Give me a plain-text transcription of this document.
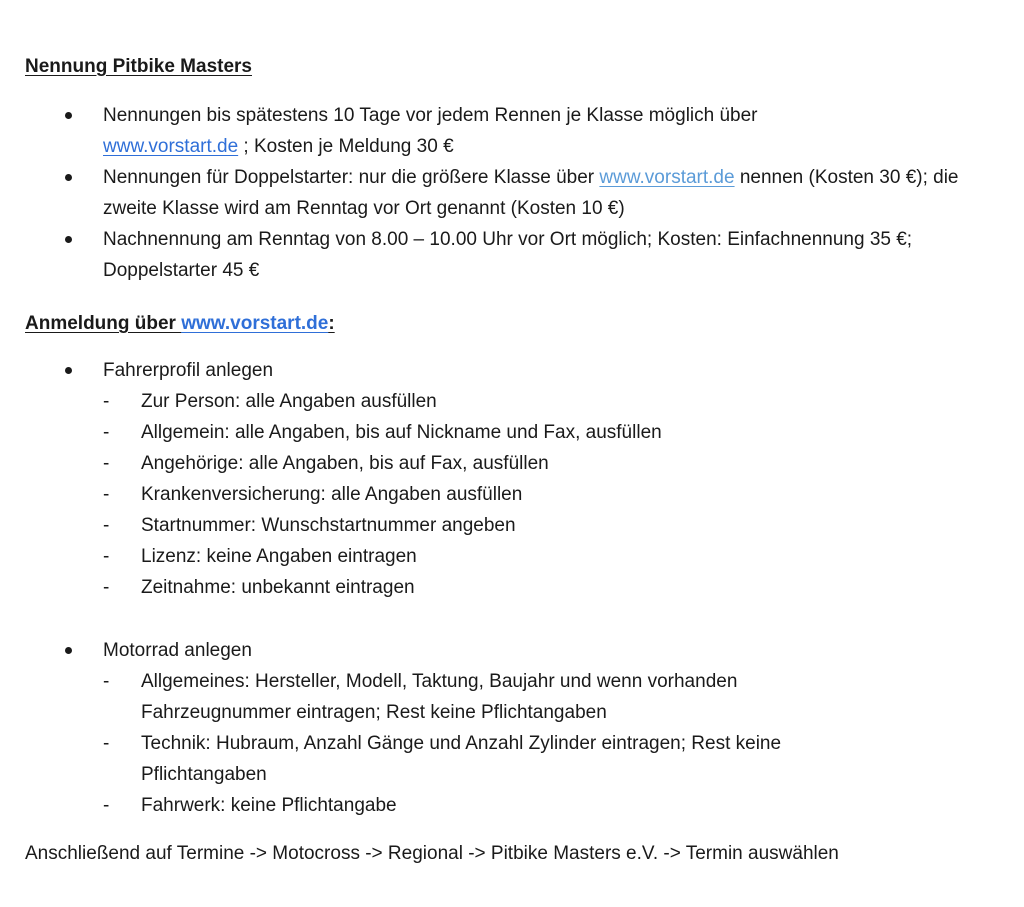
Nennung Pitbike Masters
Nennungen bis spätestens 10 Tage vor jedem Rennen je Klasse möglich über
www.vorstart.de ; Kosten je Meldung 30 €
Nennungen für Doppelstarter: nur die größere Klasse über www.vorstart.de nennen (Kosten 30 €); die zweite Klasse wird am Renntag vor Ort genannt (Kosten 10 €)
Nachnennung am Renntag von 8.00 – 10.00 Uhr vor Ort möglich; Kosten: Einfachnennung 35 €; Doppelstarter 45 €
Anmeldung über www.vorstart.de:
Fahrerprofil anlegen
- Zur Person: alle Angaben ausfüllen
- Allgemein: alle Angaben, bis auf Nickname und Fax, ausfüllen
- Angehörige: alle Angaben, bis auf Fax, ausfüllen
- Krankenversicherung: alle Angaben ausfüllen
- Startnummer: Wunschstartnummer angeben
- Lizenz: keine Angaben eintragen
- Zeitnahme: unbekannt eintragen
Motorrad anlegen
- Allgemeines: Hersteller, Modell, Taktung, Baujahr und wenn vorhanden Fahrzeugnummer eintragen; Rest keine Pflichtangaben
- Technik: Hubraum, Anzahl Gänge und Anzahl Zylinder eintragen; Rest keine Pflichtangaben
- Fahrwerk: keine Pflichtangabe
Anschließend auf Termine -> Motocross -> Regional -> Pitbike Masters e.V. -> Termin auswählen
